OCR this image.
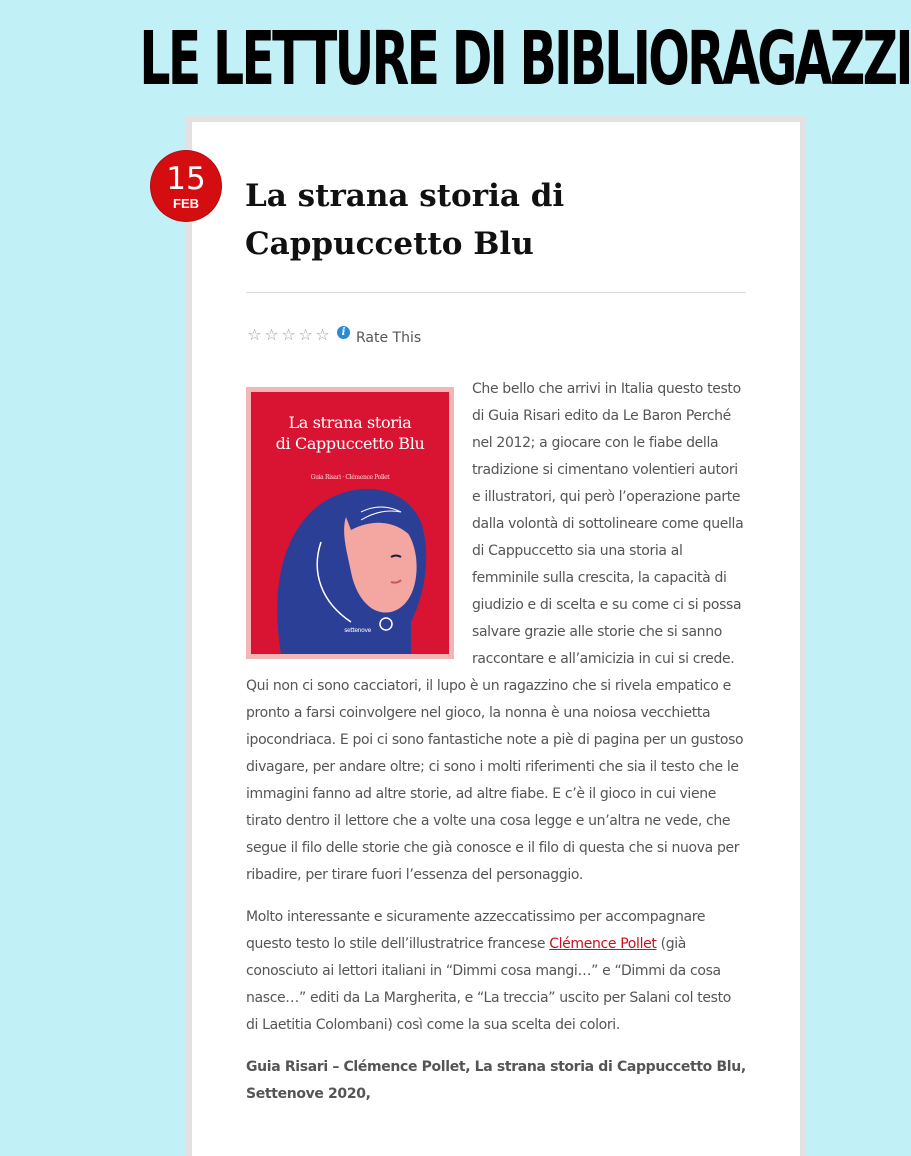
LE LETTURE DI BIBLIORAGAZZI
15
FEB	La strana storia di Cappuccetto Blu
☆ ☆ ☆ ☆ ☆	i Rate This
La strana storia
di Cappuccetto Blu
Guia Risari · Clémence Pollet
settenove

Che bello che arrivi in Italia questo testo di Guia Risari edito da Le Baron Perché nel 2012; a giocare con le fiabe della tradizione si cimentano volentieri autori e illustratori, qui però l’operazione parte dalla volontà di sottolineare come quella di Cappuccetto sia una storia al femminile sulla crescita, la capacità di giudizio e di scelta e su come ci si possa salvare grazie alle storie che si sanno raccontare e all’amicizia in cui si crede. Qui non ci sono cacciatori, il lupo è un ragazzino che si rivela empatico e pronto a farsi coinvolgere nel gioco, la nonna è una noiosa vecchietta ipocondriaca. E poi ci sono fantastiche note a piè di pagina per un gustoso divagare, per andare oltre; ci sono i molti riferimenti che sia il testo che le immagini fanno ad altre storie, ad altre fiabe. E c’è il gioco in cui viene tirato dentro il lettore che a volte una cosa legge e un’altra ne vede, che segue il filo delle storie che già conosce e il filo di questa che si nuova per ribadire, per tirare fuori l’essenza del personaggio.

Molto interessante e sicuramente azzeccatissimo per accompagnare questo testo lo stile dell’illustratrice francese Clémence Pollet (già conosciuto ai lettori italiani in “Dimmi cosa mangi…” e “Dimmi da cosa nasce…” editi da La Margherita, e “La treccia” uscito per Salani col testo di Laetitia Colombani) così come la sua scelta dei colori.

Guia Risari – Clémence Pollet, La strana storia di Cappuccetto Blu, Settenove 2020,
